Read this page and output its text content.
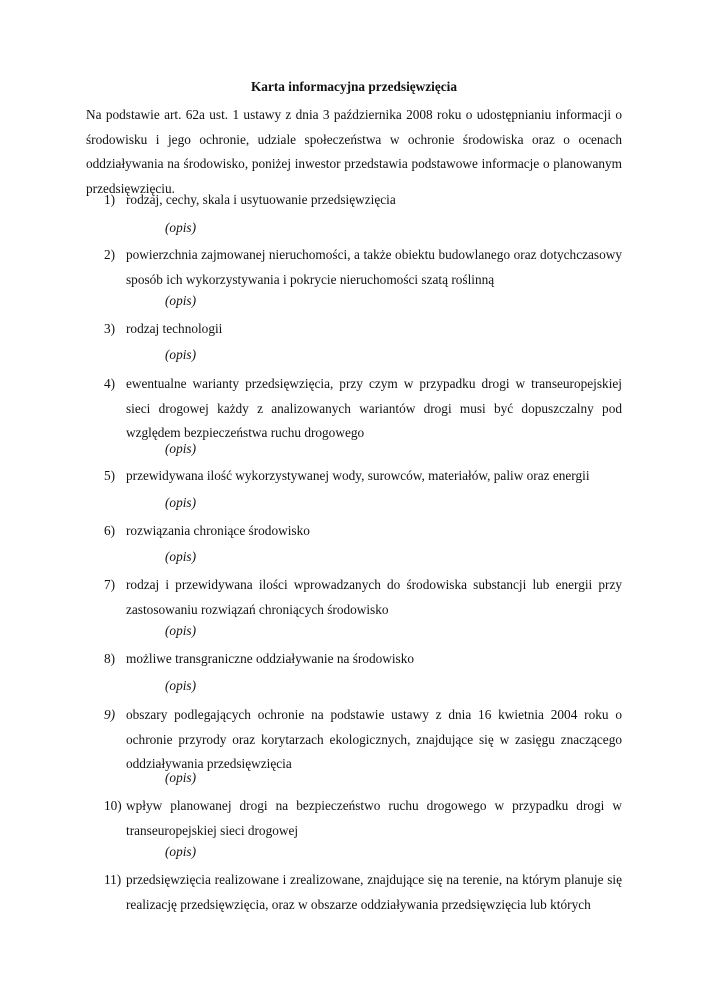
Karta informacyjna przedsięwzięcia

Na podstawie art. 62a ust. 1 ustawy z dnia 3 października 2008 roku o udostępnianiu informacji o środowisku i jego ochronie, udziale społeczeństwa w ochronie środowiska oraz o ocenach oddziaływania na środowisko, poniżej inwestor przedstawia podstawowe informacje o planowanym przedsięwzięciu.

1) rodzaj, cechy, skala i usytuowanie przedsięwzięcia

(opis)

2) powierzchnia zajmowanej nieruchomości, a także obiektu budowlanego oraz dotychczasowy sposób ich wykorzystywania i pokrycie nieruchomości szatą roślinną

(opis)

3) rodzaj technologii

(opis)

4) ewentualne warianty przedsięwzięcia, przy czym w przypadku drogi w transeuropejskiej sieci drogowej każdy z analizowanych wariantów drogi musi być dopuszczalny pod względem bezpieczeństwa ruchu drogowego

(opis)

5) przewidywana ilość wykorzystywanej wody, surowców, materiałów, paliw oraz energii

(opis)

6) rozwiązania chroniące środowisko

(opis)

7) rodzaj i przewidywana ilości wprowadzanych do środowiska substancji lub energii przy zastosowaniu rozwiązań chroniących środowisko

(opis)

8) możliwe transgraniczne oddziaływanie na środowisko

(opis)

9) obszary podlegających ochronie na podstawie ustawy z dnia 16 kwietnia 2004 roku o ochronie przyrody oraz korytarzach ekologicznych, znajdujące się w zasięgu znaczącego oddziaływania przedsięwzięcia

(opis)

10) wpływ planowanej drogi na bezpieczeństwo ruchu drogowego w przypadku drogi w transeuropejskiej sieci drogowej

(opis)

11) przedsięwzięcia realizowane i zrealizowane, znajdujące się na terenie, na którym planuje się realizację przedsięwzięcia, oraz w obszarze oddziaływania przedsięwzięcia lub których
